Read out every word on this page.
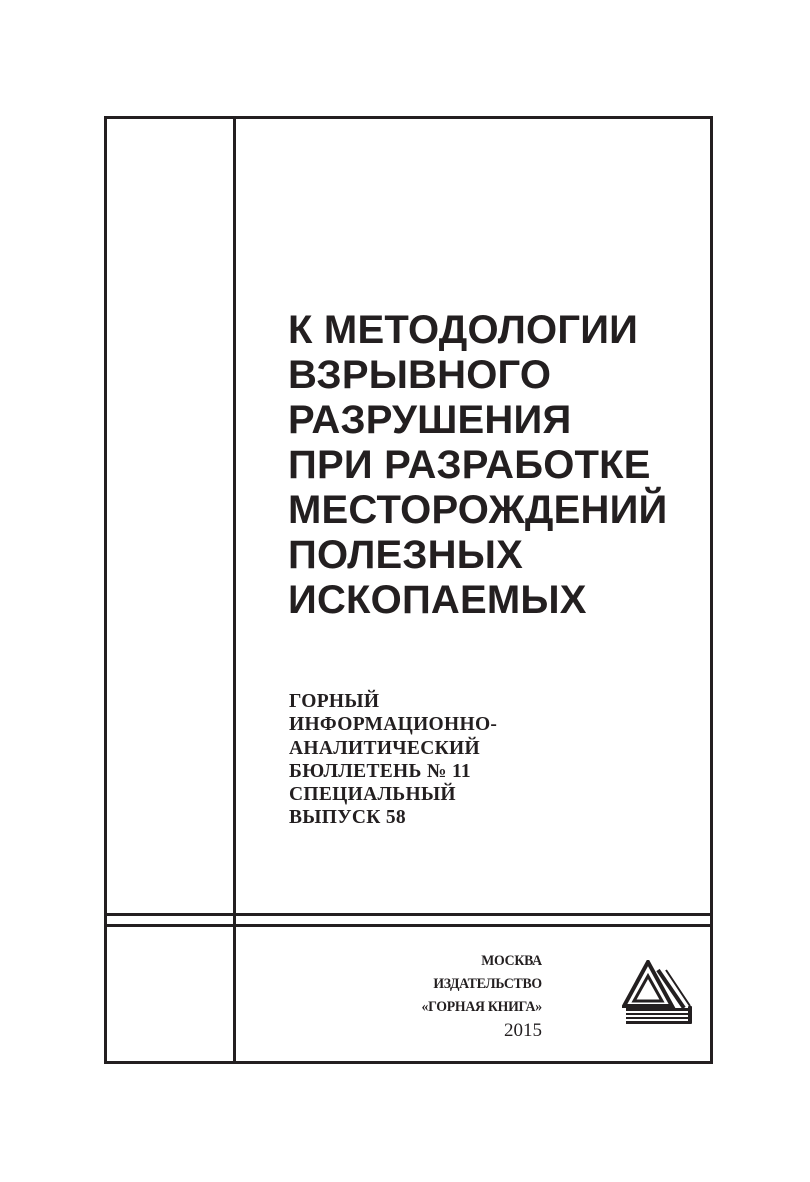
К МЕТОДОЛОГИИ
ВЗРЫВНОГО
РАЗРУШЕНИЯ
ПРИ РАЗРАБОТКЕ
МЕСТОРОЖДЕНИЙ
ПОЛЕЗНЫХ
ИСКОПАЕМЫХ
ГОРНЫЙ
ИНФОРМАЦИОННО-
АНАЛИТИЧЕСКИЙ
БЮЛЛЕТЕНЬ № 11
СПЕЦИАЛЬНЫЙ
ВЫПУСК 58
МОСКВА
ИЗДАТЕЛЬСТВО
«ГОРНАЯ КНИГА»
2015
